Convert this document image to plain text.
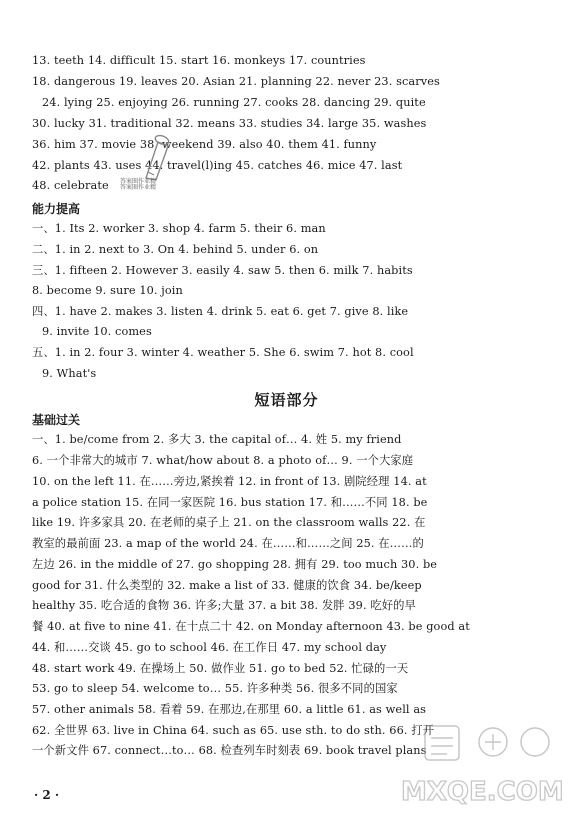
13. teeth 14. difficult 15. start 16. monkeys 17. countries
18. dangerous 19. leaves 20. Asian 21. planning 22. never 23. scarves
24. lying 25. enjoying 26. running 27. cooks 28. dancing 29. quite
30. lucky 31. traditional 32. means 33. studies 34. large 35. washes
36. him 37. movie 38. weekend 39. also 40. them 41. funny
42. plants 43. uses 44. travel(l)ing 45. catches 46. mice 47. last
48. celebrate	答案圈作业精
答案圈作业精
能力提高
一、1. Its 2. worker 3. shop 4. farm 5. their 6. man
二、1. in 2. next to 3. On 4. behind 5. under 6. on
三、1. fifteen 2. However 3. easily 4. saw 5. then 6. milk 7. habits
8. become 9. sure 10. join
四、1. have 2. makes 3. listen 4. drink 5. eat 6. get 7. give 8. like
9. invite 10. comes
五、1. in 2. four 3. winter 4. weather 5. She 6. swim 7. hot 8. cool
9. What's
短语部分
基础过关
一、1. be/come from 2. 多大 3. the capital of… 4. 姓 5. my friend
6. 一个非常大的城市 7. what/how about 8. a photo of… 9. 一个大家庭
10. on the left 11. 在……旁边,紧挨着 12. in front of 13. 剧院经理 14. at
a police station 15. 在同一家医院 16. bus station 17. 和……不同 18. be
like 19. 许多家具 20. 在老师的桌子上 21. on the classroom walls 22. 在
教室的最前面 23. a map of the world 24. 在……和……之间 25. 在……的
左边 26. in the middle of 27. go shopping 28. 拥有 29. too much 30. be
good for 31. 什么类型的 32. make a list of 33. 健康的饮食 34. be/keep
healthy 35. 吃合适的食物 36. 许多;大量 37. a bit 38. 发胖 39. 吃好的早
餐 40. at five to nine 41. 在十点二十 42. on Monday afternoon 43. be good at
44. 和……交谈 45. go to school 46. 在工作日 47. my school day
48. start work 49. 在操场上 50. 做作业 51. go to bed 52. 忙碌的一天
53. go to sleep 54. welcome to… 55. 许多种类 56. 很多不同的国家
57. other animals 58. 看着 59. 在那边,在那里 60. a little 61. as well as
62. 全世界 63. live in China 64. such as 65. use sth. to do sth. 66. 打开
一个新文件 67. connect…to… 68. 检查列车时刻表 69. book travel plans
· 2 ·	MXQE.COM
